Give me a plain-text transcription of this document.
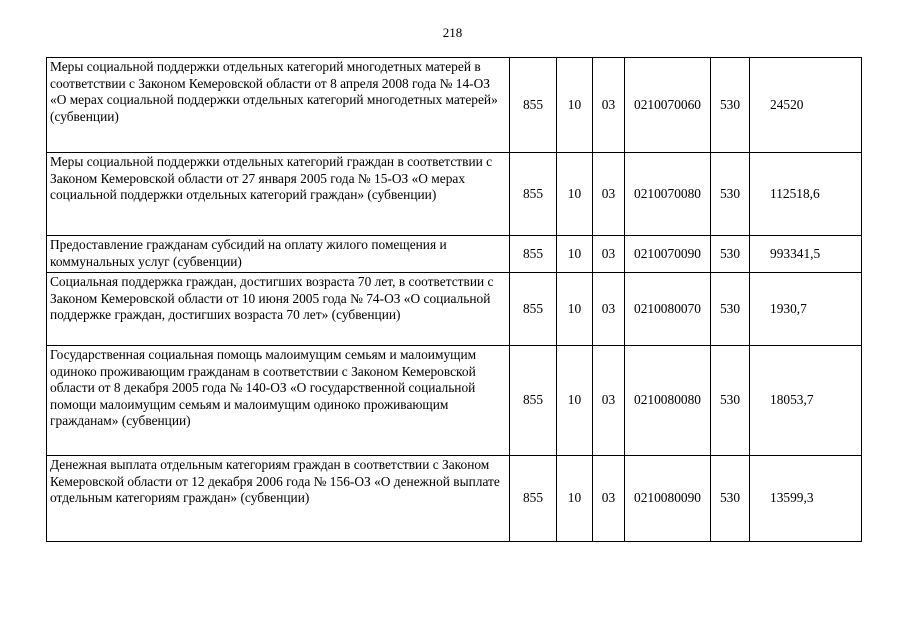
218
Меры социальной поддержки отдельных категорий многодетных матерей в соответствии с Законом Кемеровской области от 8 апреля 2008 года № 14-ОЗ «О мерах социальной поддержки отдельных категорий многодетных матерей» (субвенции)	855	10	03	0210070060	530	24520
Меры социальной поддержки отдельных категорий граждан в соответствии с Законом Кемеровской области от 27 января 2005 года № 15-ОЗ «О мерах социальной поддержки отдельных категорий граждан» (субвенции)	855	10	03	0210070080	530	112518,6
Предоставление гражданам субсидий на оплату жилого помещения и коммунальных услуг (субвенции)	855	10	03	0210070090	530	993341,5
Социальная поддержка граждан, достигших возраста 70 лет, в соответствии с Законом Кемеровской области от 10 июня 2005 года № 74-ОЗ «О социальной поддержке граждан, достигших возраста 70 лет» (субвенции)	855	10	03	0210080070	530	1930,7
Государственная социальная помощь малоимущим семьям и малоимущим одиноко проживающим гражданам в соответствии с Законом Кемеровской области от 8 декабря 2005 года № 140-ОЗ «О государственной социальной помощи малоимущим семьям и малоимущим одиноко проживающим гражданам» (субвенции)	855	10	03	0210080080	530	18053,7
Денежная выплата отдельным категориям граждан в соответствии с Законом Кемеровской области от 12 декабря 2006 года № 156-ОЗ «О денежной выплате отдельным категориям граждан» (субвенции)	855	10	03	0210080090	530	13599,3
